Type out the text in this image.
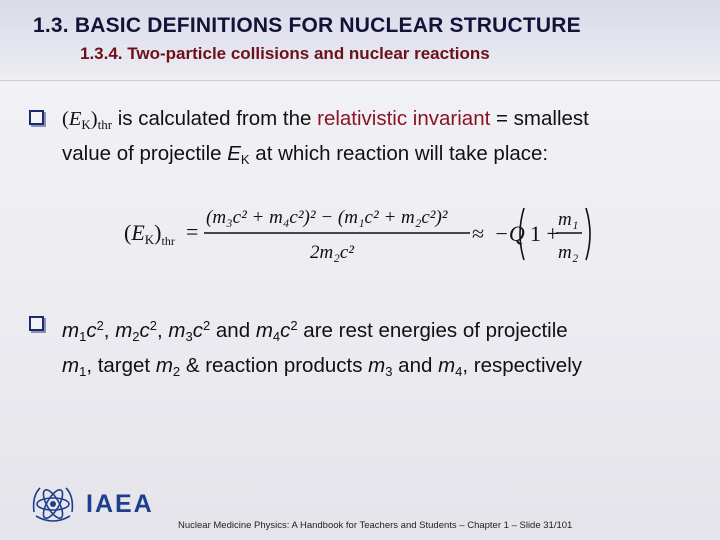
1.3. BASIC DEFINITIONS FOR NUCLEAR STRUCTURE
1.3.4. Two-particle collisions and nuclear reactions
$(E_K)_{thr}$ is calculated from the relativistic invariant = smallest
value of projectile $E_K$ at which reaction will take place:
$(EK)_{thr}$ =
(m₃c² + m₄c²)² − (m₁c² + m₂c²)²
2m₂c²
≈ −Q 1 +
m₁
m₂
$m_1c^2$, $m_2c^2$, $m_3c^2$ and $m_4c^2$ are rest energies of projectile
$m_1$, target $m_2$ & reaction products $m_3$ and $m_4$, respectively
IAEA
Nuclear Medicine Physics: A Handbook for Teachers and Students – Chapter 1 – Slide 31/101
